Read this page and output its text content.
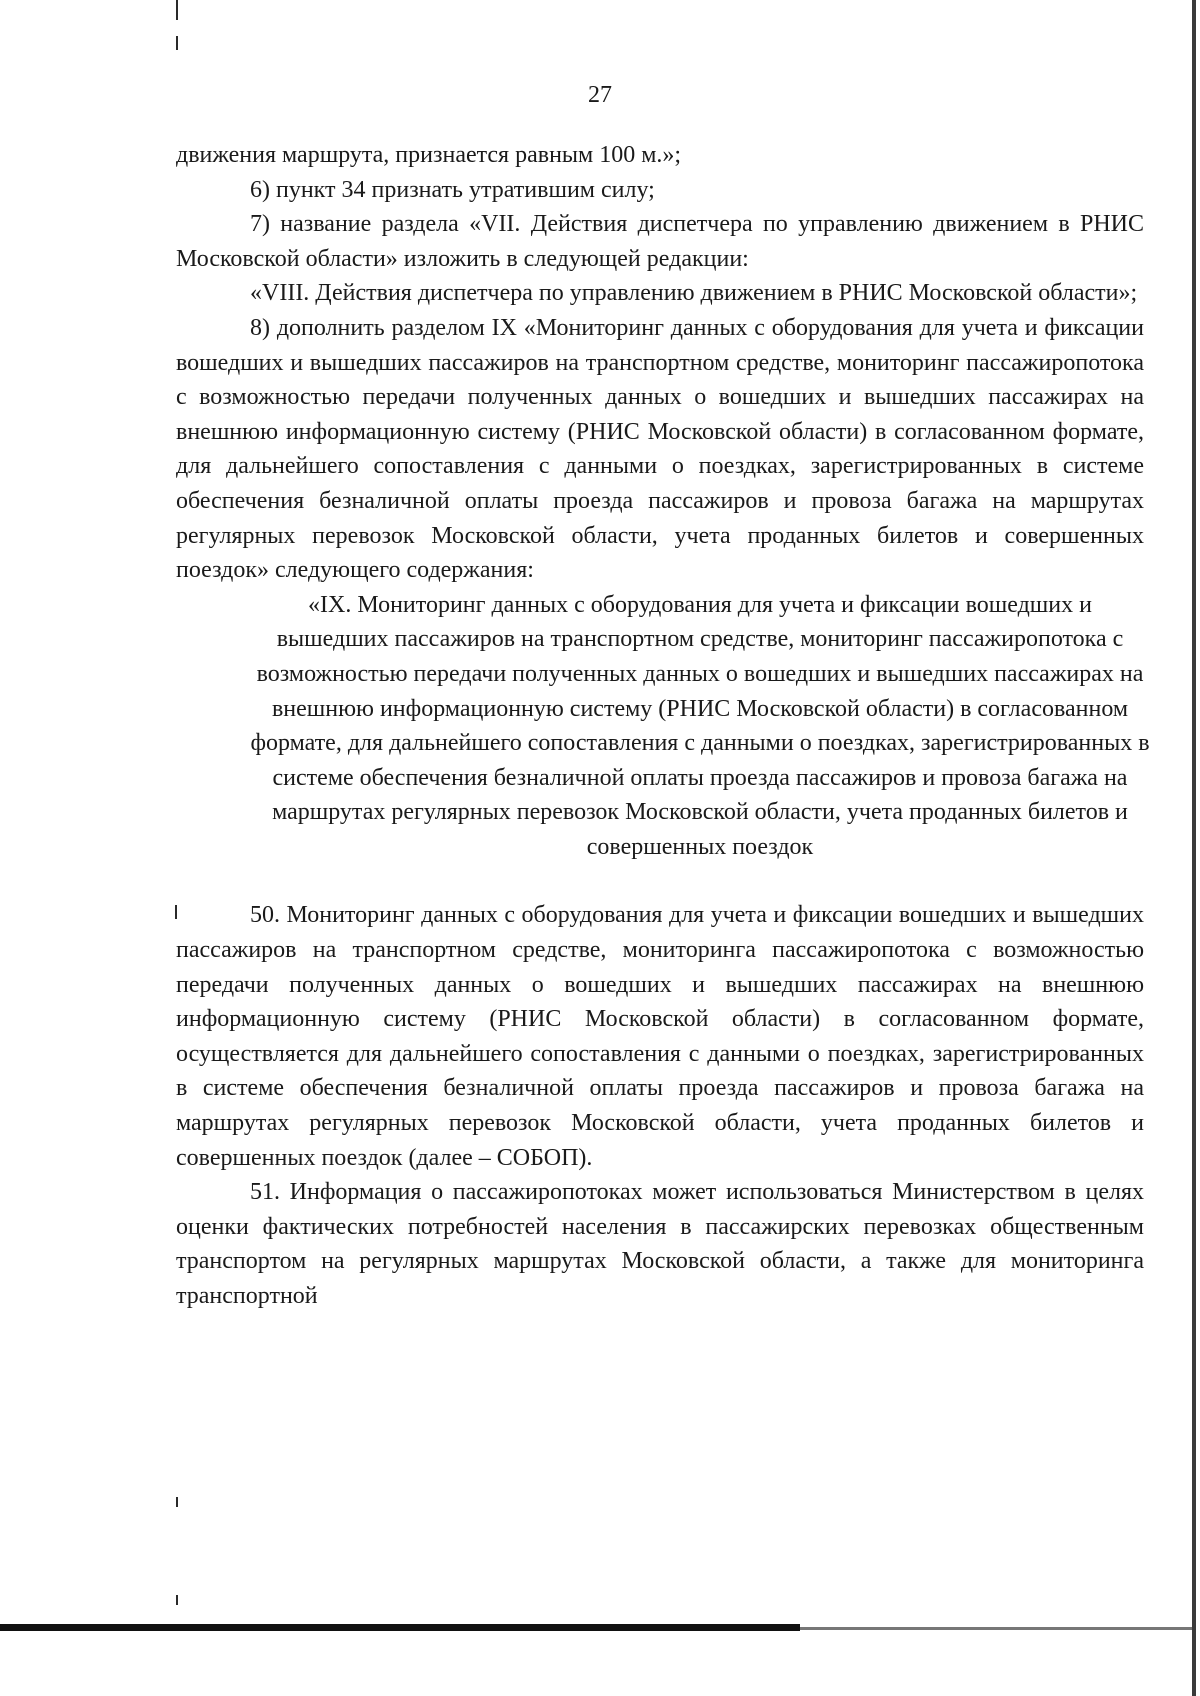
27

движения маршрута, признается равным 100 м.»;

6) пункт 34 признать утратившим силу;

7) название раздела «VII. Действия диспетчера по управлению движением в РНИС Московской области» изложить в следующей редакции:

«VIII. Действия диспетчера по управлению движением в РНИС Московской области»;

8) дополнить разделом IX «Мониторинг данных с оборудования для учета и фиксации вошедших и вышедших пассажиров на транспортном средстве, мониторинг пассажиропотока с возможностью передачи полученных данных о вошедших и вышедших пассажирах на внешнюю информационную систему (РНИС Московской области) в согласованном формате, для дальнейшего сопоставления с данными о поездках, зарегистрированных в системе обеспечения безналичной оплаты проезда пассажиров и провоза багажа на маршрутах регулярных перевозок Московской области, учета проданных билетов и совершенных поездок» следующего содержания:

«IX. Мониторинг данных с оборудования для учета и фиксации вошедших и вышедших пассажиров на транспортном средстве, мониторинг пассажиропотока с возможностью передачи полученных данных о вошедших и вышедших пассажирах на внешнюю информационную систему (РНИС Московской области) в согласованном формате, для дальнейшего сопоставления с данными о поездках, зарегистрированных в системе обеспечения безналичной оплаты проезда пассажиров и провоза багажа на маршрутах регулярных перевозок Московской области, учета проданных билетов и совершенных поездок

50. Мониторинг данных с оборудования для учета и фиксации вошедших и вышедших пассажиров на транспортном средстве, мониторинга пассажиропотока с возможностью передачи полученных данных о вошедших и вышедших пассажирах на внешнюю информационную систему (РНИС Московской области) в согласованном формате, осуществляется для дальнейшего сопоставления с данными о поездках, зарегистрированных в системе обеспечения безналичной оплаты проезда пассажиров и провоза багажа на маршрутах регулярных перевозок Московской области, учета проданных билетов и совершенных поездок (далее – СОБОП).

51. Информация о пассажиропотоках может использоваться Министерством в целях оценки фактических потребностей населения в пассажирских перевозках общественным транспортом на регулярных маршрутах Московской области, а также для мониторинга транспортной
